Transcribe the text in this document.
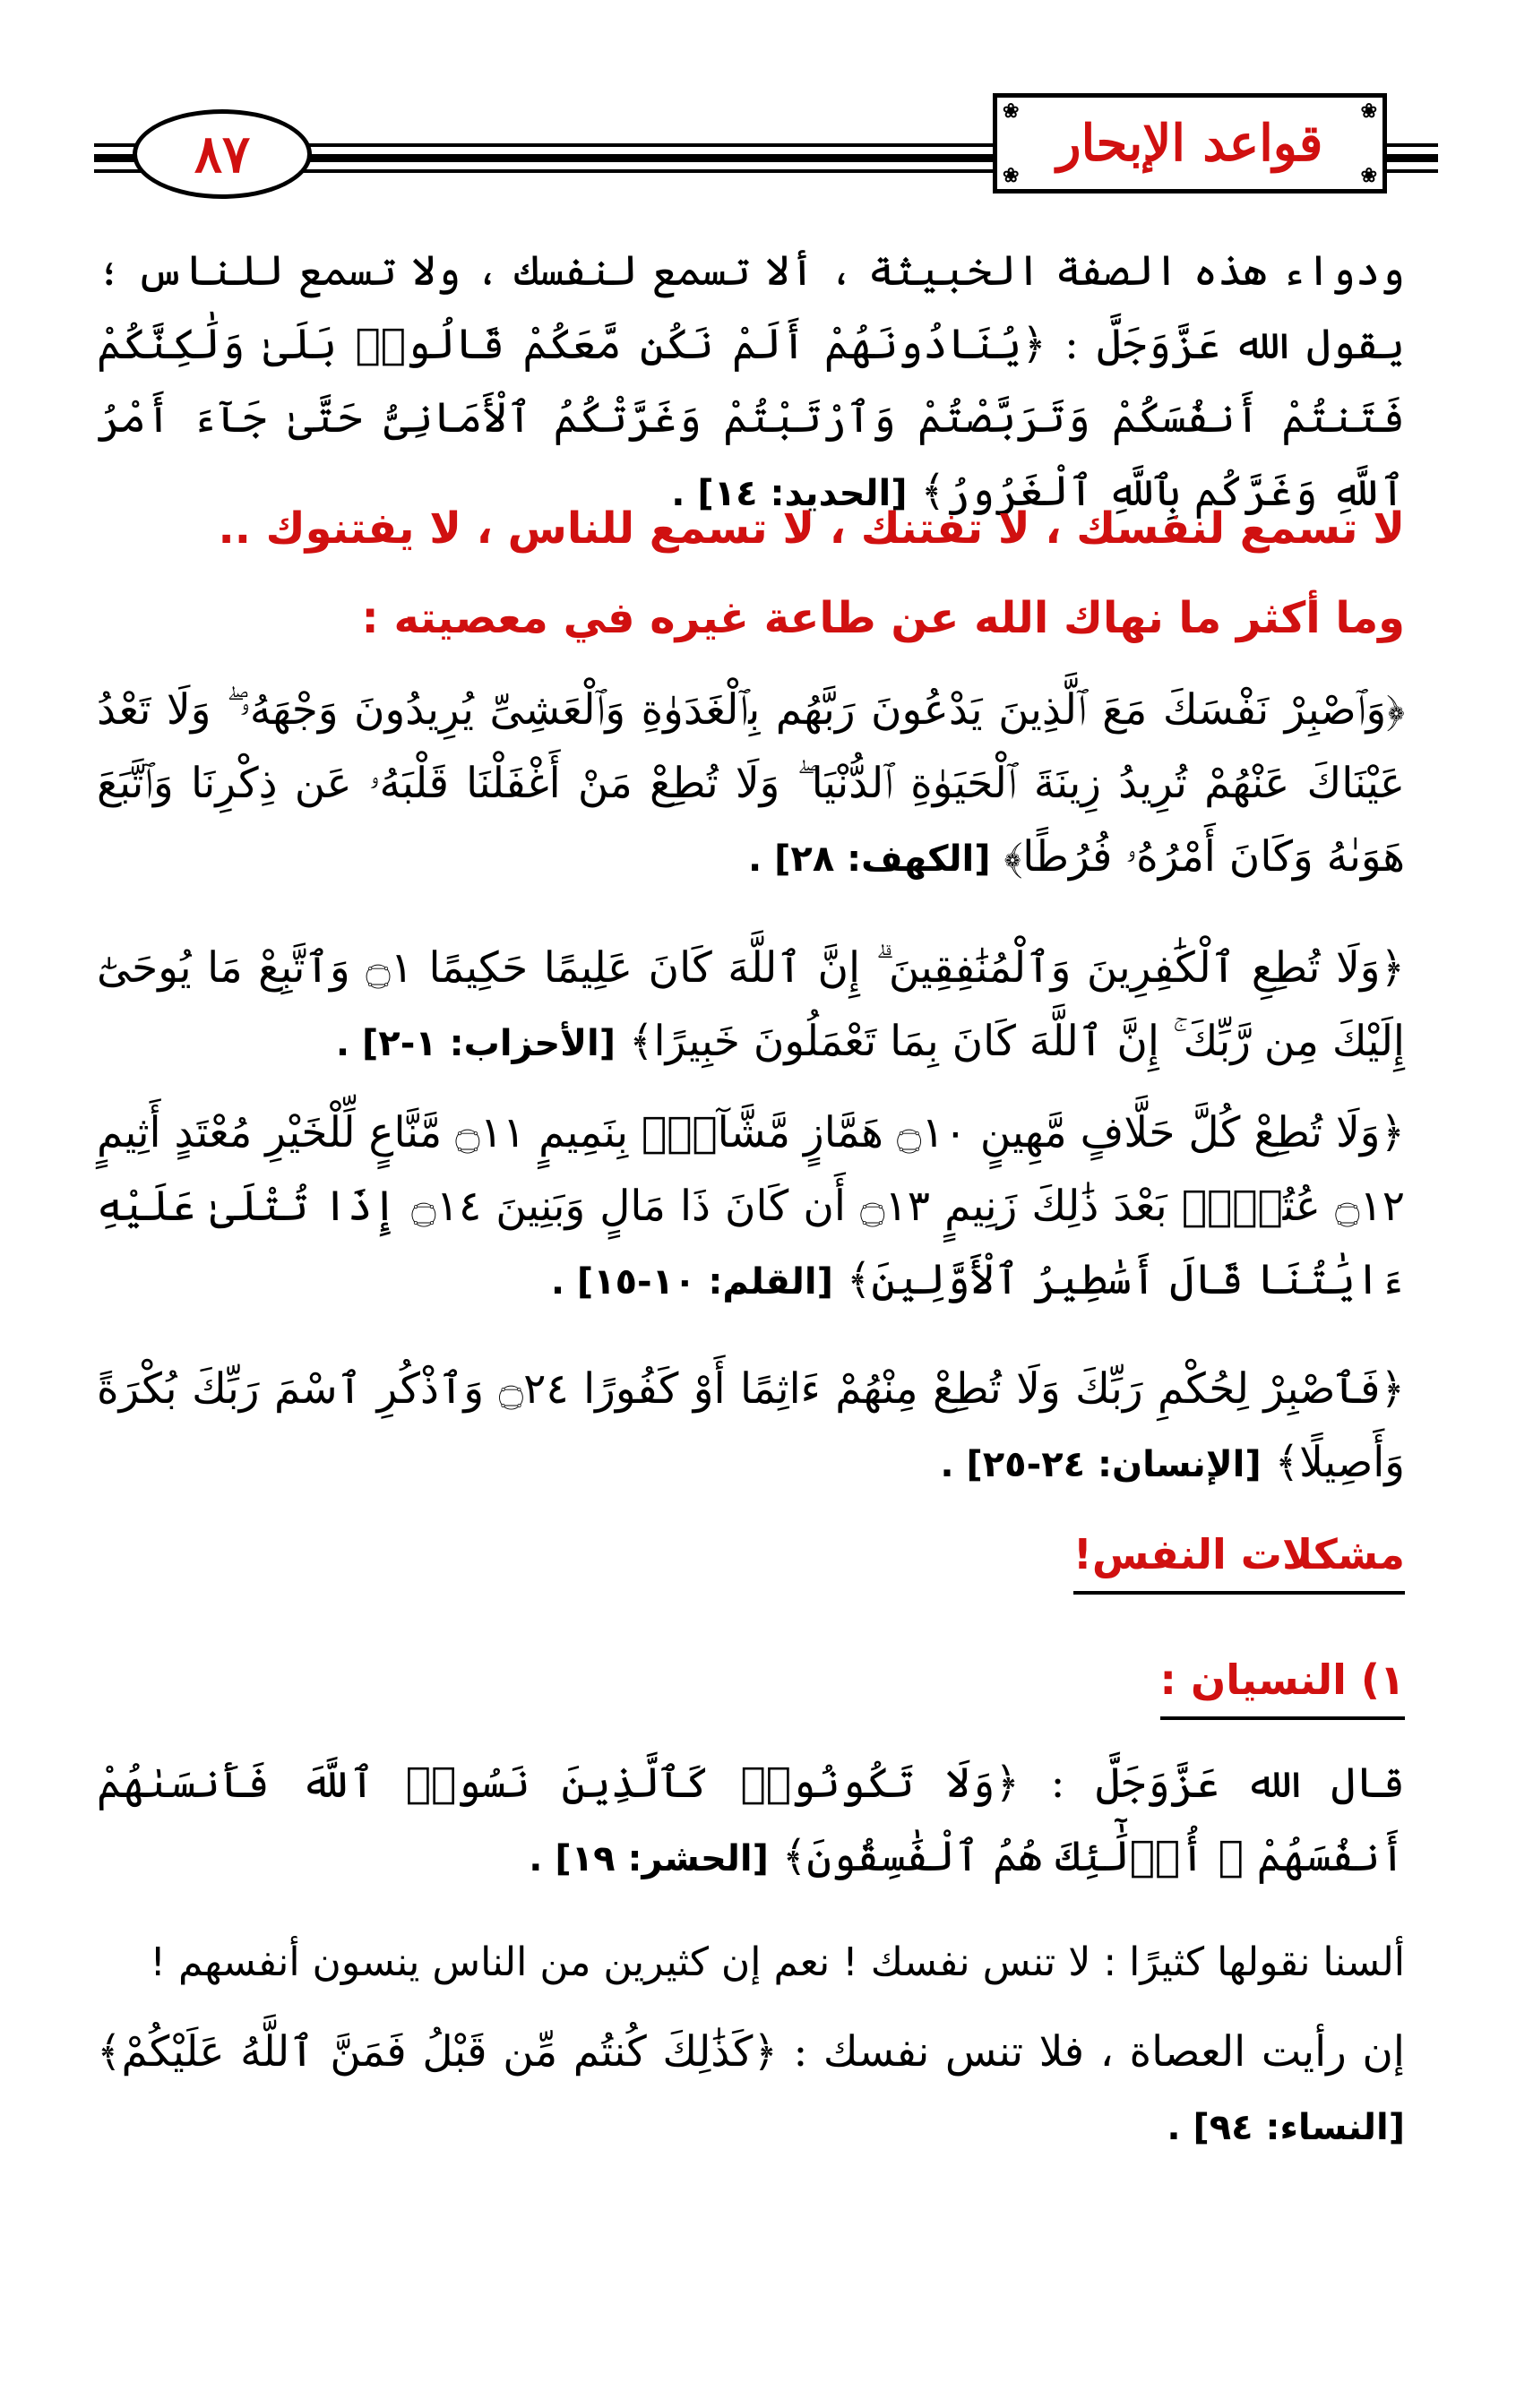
٨٧
❀	❀
❀	❀
قواعد الإبحار

ودواء هذه الصفة الخبيثة ، ألا تسمع لنفسك ، ولا تسمع للناس ؛ يقول الله عَزَّوَجَلَّ : ﴿يُنَادُونَهُمْ أَلَمْ نَكُن مَّعَكُمْ قَالُوا۟ بَلَىٰ وَلَٰكِنَّكُمْ فَتَنتُمْ أَنفُسَكُمْ وَتَرَبَّصْتُمْ وَٱرْتَبْتُمْ وَغَرَّتْكُمُ ٱلْأَمَانِىُّ حَتَّىٰ جَآءَ أَمْرُ ٱللَّهِ وَغَرَّكُم بِٱللَّهِ ٱلْغَرُورُ﴾ [الحديد: ١٤] .

لا تسمع لنفسك ، لا تفتنك ، لا تسمع للناس ، لا يفتنوك ..

وما أكثر ما نهاك الله عن طاعة غيره في معصيته :

﴿وَٱصْبِرْ نَفْسَكَ مَعَ ٱلَّذِينَ يَدْعُونَ رَبَّهُم بِٱلْغَدَوٰةِ وَٱلْعَشِىِّ يُرِيدُونَ وَجْهَهُۥ ۖ وَلَا تَعْدُ عَيْنَاكَ عَنْهُمْ تُرِيدُ زِينَةَ ٱلْحَيَوٰةِ ٱلدُّنْيَا ۖ وَلَا تُطِعْ مَنْ أَغْفَلْنَا قَلْبَهُۥ عَن ذِكْرِنَا وَٱتَّبَعَ هَوَىٰهُ وَكَانَ أَمْرُهُۥ فُرُطًا﴾ [الكهف: ٢٨] .

﴿وَلَا تُطِعِ ٱلْكَٰفِرِينَ وَٱلْمُنَٰفِقِينَ ۗ إِنَّ ٱللَّهَ كَانَ عَلِيمًا حَكِيمًا ۝١ وَٱتَّبِعْ مَا يُوحَىٰٓ إِلَيْكَ مِن رَّبِّكَ ۚ إِنَّ ٱللَّهَ كَانَ بِمَا تَعْمَلُونَ خَبِيرًا﴾ [الأحزاب: ١-٢] .

﴿وَلَا تُطِعْ كُلَّ حَلَّافٍ مَّهِينٍ ۝١٠ هَمَّازٍ مَّشَّآءٍۭ بِنَمِيمٍ ۝١١ مَّنَّاعٍ لِّلْخَيْرِ مُعْتَدٍ أَثِيمٍ ۝١٢ عُتُلٍّۭ بَعْدَ ذَٰلِكَ زَنِيمٍ ۝١٣ أَن كَانَ ذَا مَالٍ وَبَنِينَ ۝١٤ إِذَا تُتْلَىٰ عَلَيْهِ ءَايَٰتُنَا قَالَ أَسَٰطِيرُ ٱلْأَوَّلِينَ﴾ [القلم: ١٠-١٥] .

﴿فَٱصْبِرْ لِحُكْمِ رَبِّكَ وَلَا تُطِعْ مِنْهُمْ ءَاثِمًا أَوْ كَفُورًا ۝٢٤ وَٱذْكُرِ ٱسْمَ رَبِّكَ بُكْرَةً وَأَصِيلًا﴾ [الإنسان: ٢٤-٢٥] .

مشكلات النفس!
١) النسيان :

قال الله عَزَّوَجَلَّ : ﴿وَلَا تَكُونُوا۟ كَٱلَّذِينَ نَسُوا۟ ٱللَّهَ فَأَنسَىٰهُمْ أَنفُسَهُمْ ۚ أُو۟لَٰٓئِكَ هُمُ ٱلْفَٰسِقُونَ﴾ [الحشر: ١٩] .

ألسنا نقولها كثيرًا : لا تنس نفسك ! نعم إن كثيرين من الناس ينسون أنفسهم !

إن رأيت العصاة ، فلا تنس نفسك : ﴿كَذَٰلِكَ كُنتُم مِّن قَبْلُ فَمَنَّ ٱللَّهُ عَلَيْكُمْ﴾ [النساء: ٩٤] .
